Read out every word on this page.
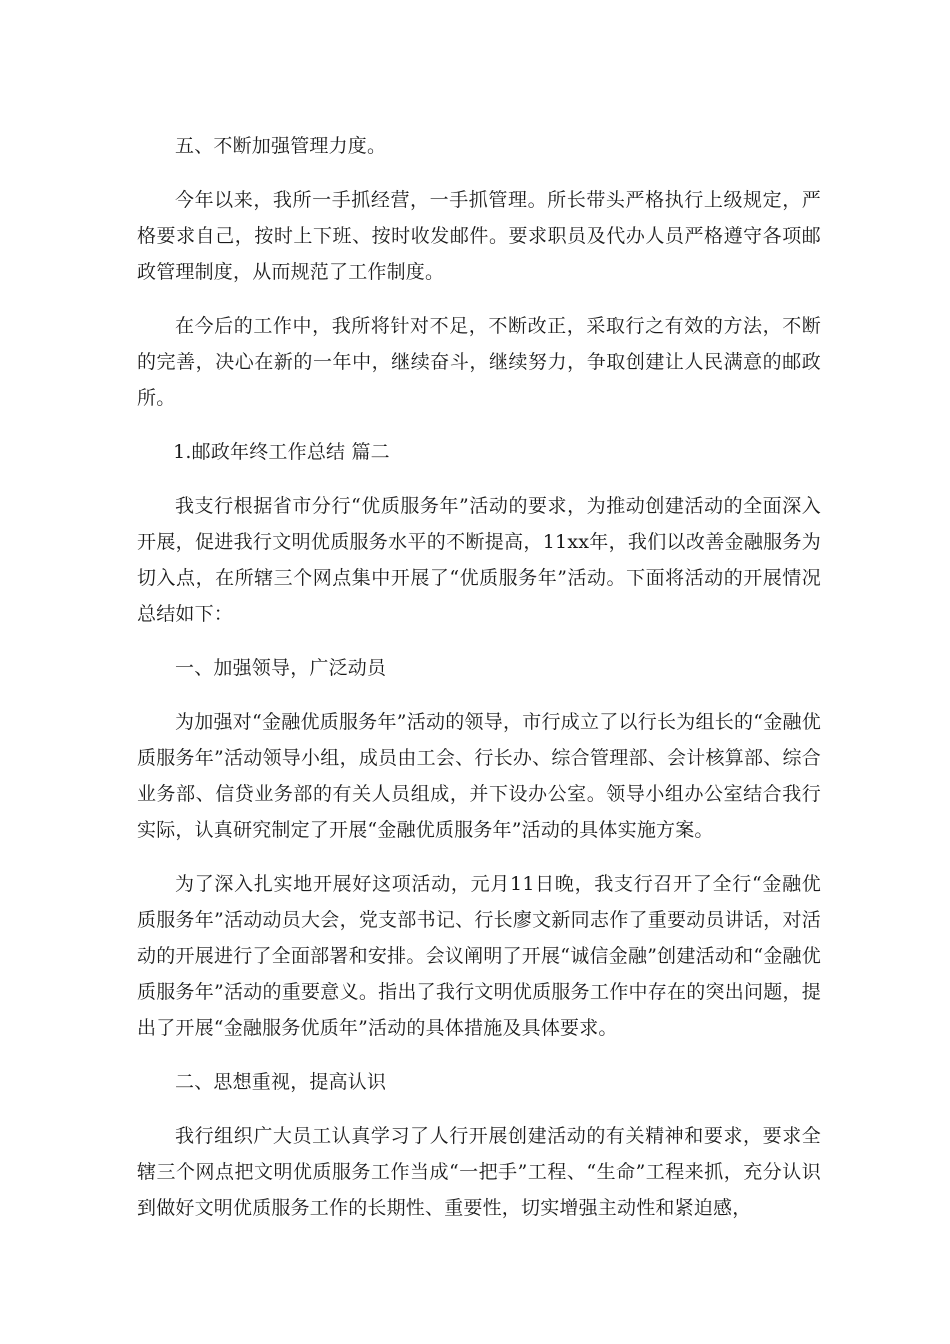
五、不断加强管理力度。

今年以来，我所一手抓经营，一手抓管理。所长带头严格执行上级规定，严格要求自己，按时上下班、按时收发邮件。要求职员及代办人员严格遵守各项邮政管理制度，从而规范了工作制度。

在今后的工作中，我所将针对不足，不断改正，采取行之有效的方法，不断的完善，决心在新的一年中，继续奋斗，继续努力，争取创建让人民满意的邮政所。

1.邮政年终工作总结 篇二

我支行根据省市分行“优质服务年”活动的要求，为推动创建活动的全面深入开展，促进我行文明优质服务水平的不断提高，11xx年，我们以改善金融服务为切入点，在所辖三个网点集中开展了“优质服务年”活动。下面将活动的开展情况总结如下：

一、加强领导，广泛动员

为加强对“金融优质服务年”活动的领导，市行成立了以行长为组长的“金融优质服务年”活动领导小组，成员由工会、行长办、综合管理部、会计核算部、综合业务部、信贷业务部的有关人员组成，并下设办公室。领导小组办公室结合我行实际，认真研究制定了开展“金融优质服务年”活动的具体实施方案。

为了深入扎实地开展好这项活动，元月11日晚，我支行召开了全行“金融优质服务年”活动动员大会，党支部书记、行长廖文新同志作了重要动员讲话，对活动的开展进行了全面部署和安排。会议阐明了开展“诚信金融”创建活动和“金融优质服务年”活动的重要意义。指出了我行文明优质服务工作中存在的突出问题，提出了开展“金融服务优质年”活动的具体措施及具体要求。

二、思想重视，提高认识

我行组织广大员工认真学习了人行开展创建活动的有关精神和要求，要求全辖三个网点把文明优质服务工作当成“一把手”工程、“生命”工程来抓，充分认识到做好文明优质服务工作的长期性、重要性，切实增强主动性和紧迫感，
